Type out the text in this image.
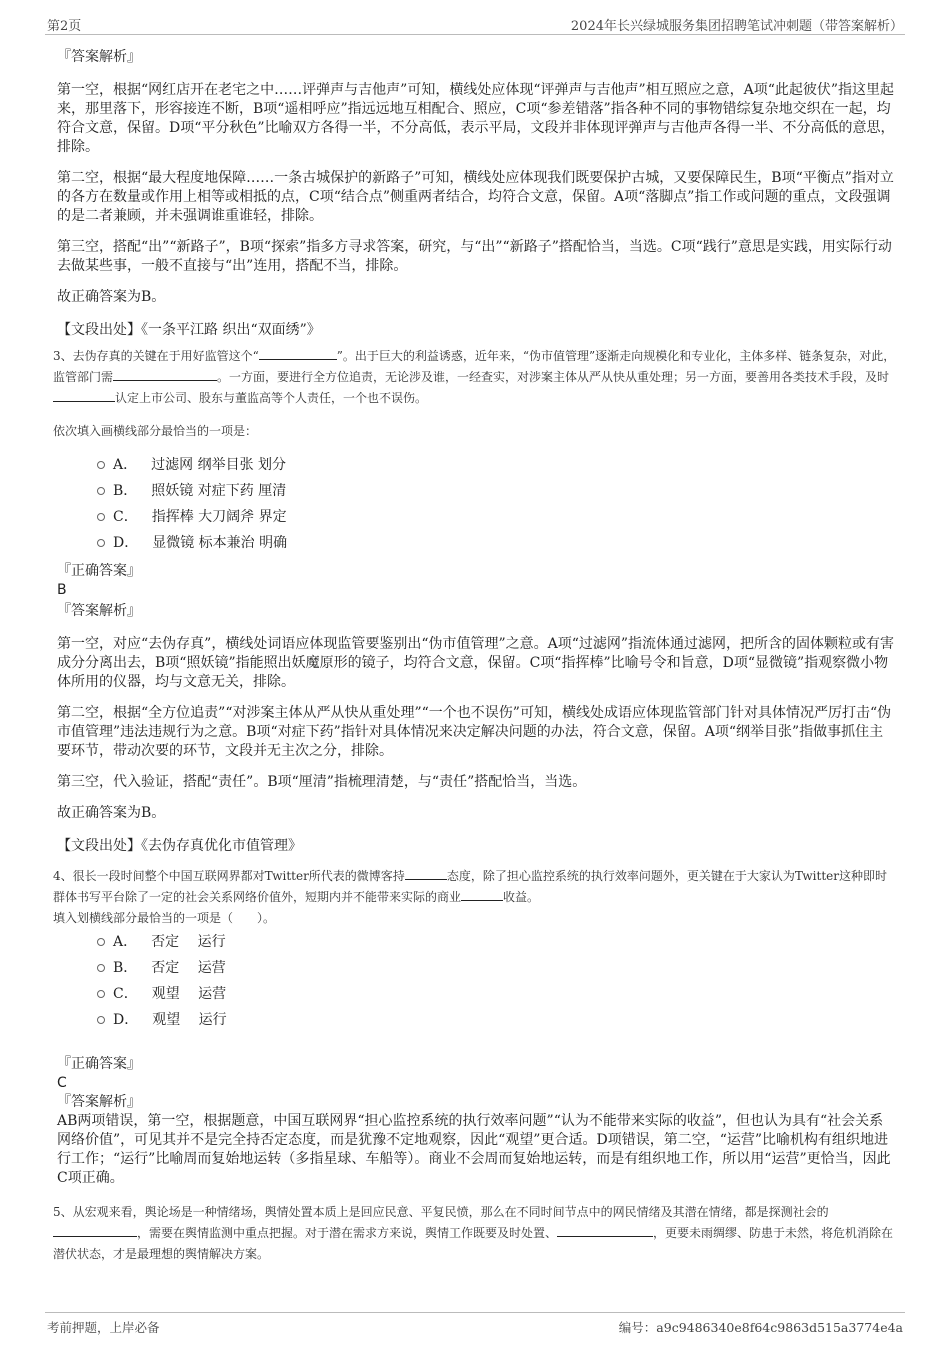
第2页	2024年长兴绿城服务集团招聘笔试冲刺题（带答案解析）

『答案解析』

第一空，根据“网红店开在老宅之中……评弹声与吉他声”可知，横线处应体现“评弹声与吉他声”相互照应之意，A项“此起彼伏”指这里起来，那里落下，形容接连不断，B项“遥相呼应”指远远地互相配合、照应，C项“参差错落”指各种不同的事物错综复杂地交织在一起，均符合文意，保留。D项“平分秋色”比喻双方各得一半，不分高低，表示平局，文段并非体现评弹声与吉他声各得一半、不分高低的意思，排除。

第二空，根据“最大程度地保障……一条古城保护的新路子”可知，横线处应体现我们既要保护古城，又要保障民生，B项“平衡点”指对立的各方在数量或作用上相等或相抵的点，C项“结合点”侧重两者结合，均符合文意，保留。A项“落脚点”指工作或问题的重点，文段强调的是二者兼顾，并未强调谁重谁轻，排除。

第三空，搭配“出”“新路子”，B项“探索”指多方寻求答案，研究，与“出”“新路子”搭配恰当，当选。C项“践行”意思是实践，用实际行动去做某些事，一般不直接与“出”连用，搭配不当，排除。

故正确答案为B。

【文段出处】《一条平江路 织出“双面绣”》

3、去伪存真的关键在于用好监管这个“	”。出于巨大的利益诱惑，近年来，“伪市值管理”逐渐走向规模化和专业化，主体多样、链条复杂，对此，监管部门需	。一方面，要进行全方位追责，无论涉及谁，一经查实，对涉案主体从严从快从重处理；另一方面，要善用各类技术手段，及时认定上市公司、股东与董监高等个人责任，一个也不误伤。

依次填入画横线部分最恰当的一项是：

A． 过滤网 纲举目张 划分
B． 照妖镜 对症下药 厘清
C． 指挥棒 大刀阔斧 界定
D． 显微镜 标本兼治 明确

『正确答案』

B

『答案解析』

第一空，对应“去伪存真”，横线处词语应体现监管要鉴别出“伪市值管理”之意。A项“过滤网”指流体通过滤网，把所含的固体颗粒或有害成分分离出去，B项“照妖镜”指能照出妖魔原形的镜子，均符合文意，保留。C项“指挥棒”比喻号令和旨意，D项“显微镜”指观察微小物体所用的仪器，均与文意无关，排除。

第二空，根据“全方位追责”“对涉案主体从严从快从重处理”“一个也不误伤”可知，横线处成语应体现监管部门针对具体情况严厉打击“伪市值管理”违法违规行为之意。B项“对症下药”指针对具体情况来决定解决问题的办法，符合文意，保留。A项“纲举目张”指做事抓住主要环节，带动次要的环节，文段并无主次之分，排除。

第三空，代入验证，搭配“责任”。B项“厘清”指梳理清楚，与“责任”搭配恰当，当选。

故正确答案为B。

【文段出处】《去伪存真优化市值管理》

4、很长一段时间整个中国互联网界都对Twitter所代表的微博客持	态度，除了担心监控系统的执行效率问题外，更关键在于大家认为Twitter这种即时群体书写平台除了一定的社会关系网络价值外，短期内并不能带来实际的商业	收益。

填入划横线部分最恰当的一项是（　　）。

A． 否定　 运行
B． 否定　 运营
C． 观望　 运营
D． 观望　 运行

『正确答案』

C

『答案解析』

AB两项错误，第一空，根据题意，中国互联网界“担心监控系统的执行效率问题”“认为不能带来实际的收益”，但也认为具有“社会关系网络价值”，可见其并不是完全持否定态度，而是犹豫不定地观察，因此“观望”更合适。D项错误，第二空，“运营”比喻机构有组织地进行工作；“运行”比喻周而复始地运转（多指星球、车船等）。商业不会周而复始地运转，而是有组织地工作，所以用“运营”更恰当，因此C项正确。

5、从宏观来看，舆论场是一种情绪场，舆情处置本质上是回应民意、平复民愤，那么在不同时间节点中的网民情绪及其潜在情绪，都是探测社会的，需要在舆情监测中重点把握。对于潜在需求方来说，舆情工作既要及时处置、	，更要未雨绸缪、防患于未然，将危机消除在潜伏状态，才是最理想的舆情解决方案。

考前押题，上岸必备	编号：a9c9486340e8f64c9863d515a3774e4a
